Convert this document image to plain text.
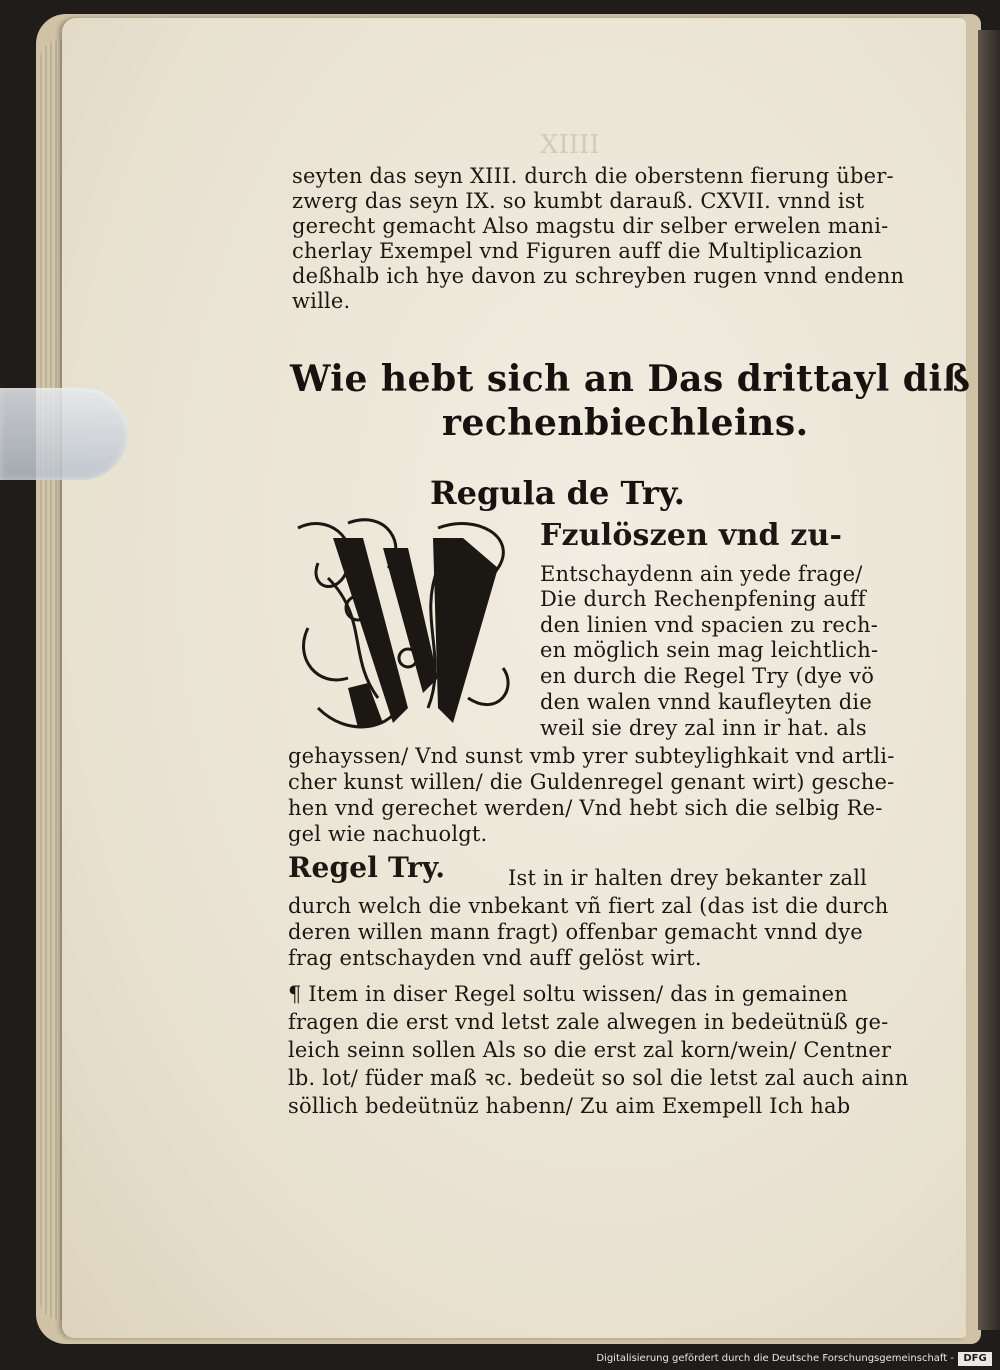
XIIII
seyten das seyn XIII. durch die oberstenn fierung über-
zwerg das seyn IX. so kumbt darauß. CXVII. vnnd ist
gerecht gemacht Also magstu dir selber erwelen mani-
cherlay Exempel vnd Figuren auff die Multiplicazion
deßhalb ich hye davon zu schreyben rugen vnnd endenn
wille.
Wie hebt sich an Das drittayl diß
rechenbiechleins.
Regula de Try.
Fzulöszen vnd zu-
Entschaydenn ain yede frage/
Die durch Rechenpfening auff
den linien vnd spacien zu rech-
en möglich sein mag leichtlich-
en durch die Regel Try (dye vö
den walen vnnd kaufleyten die
weil sie drey zal inn ir hat. als
gehayssen/ Vnd sunst vmb yrer subteylighkait vnd artli-
cher kunst willen/ die Guldenregel genant wirt) gesche-
hen vnd gerechet werden/ Vnd hebt sich die selbig Re-
gel wie nachuolgt.
Regel Try.	Ist in ir halten drey bekanter zall
durch welch die vnbekant vñ fiert zal (das ist die durch
deren willen mann fragt) offenbar gemacht vnnd dye
frag entschayden vnd auff gelöst wirt.
¶ Item in diser Regel soltu wissen/ das in gemainen
fragen die erst vnd letst zale alwegen in bedeütnüß ge-
leich seinn sollen Als so die erst zal korn/wein/ Centner
lb. lot/ füder maß ꝛc. bedeüt so sol die letst zal auch ainn
söllich bedeütnüz habenn/ Zu aim Exempell Ich hab
Digitalisierung gefördert durch die Deutsche Forschungsgemeinschaft - DFG
